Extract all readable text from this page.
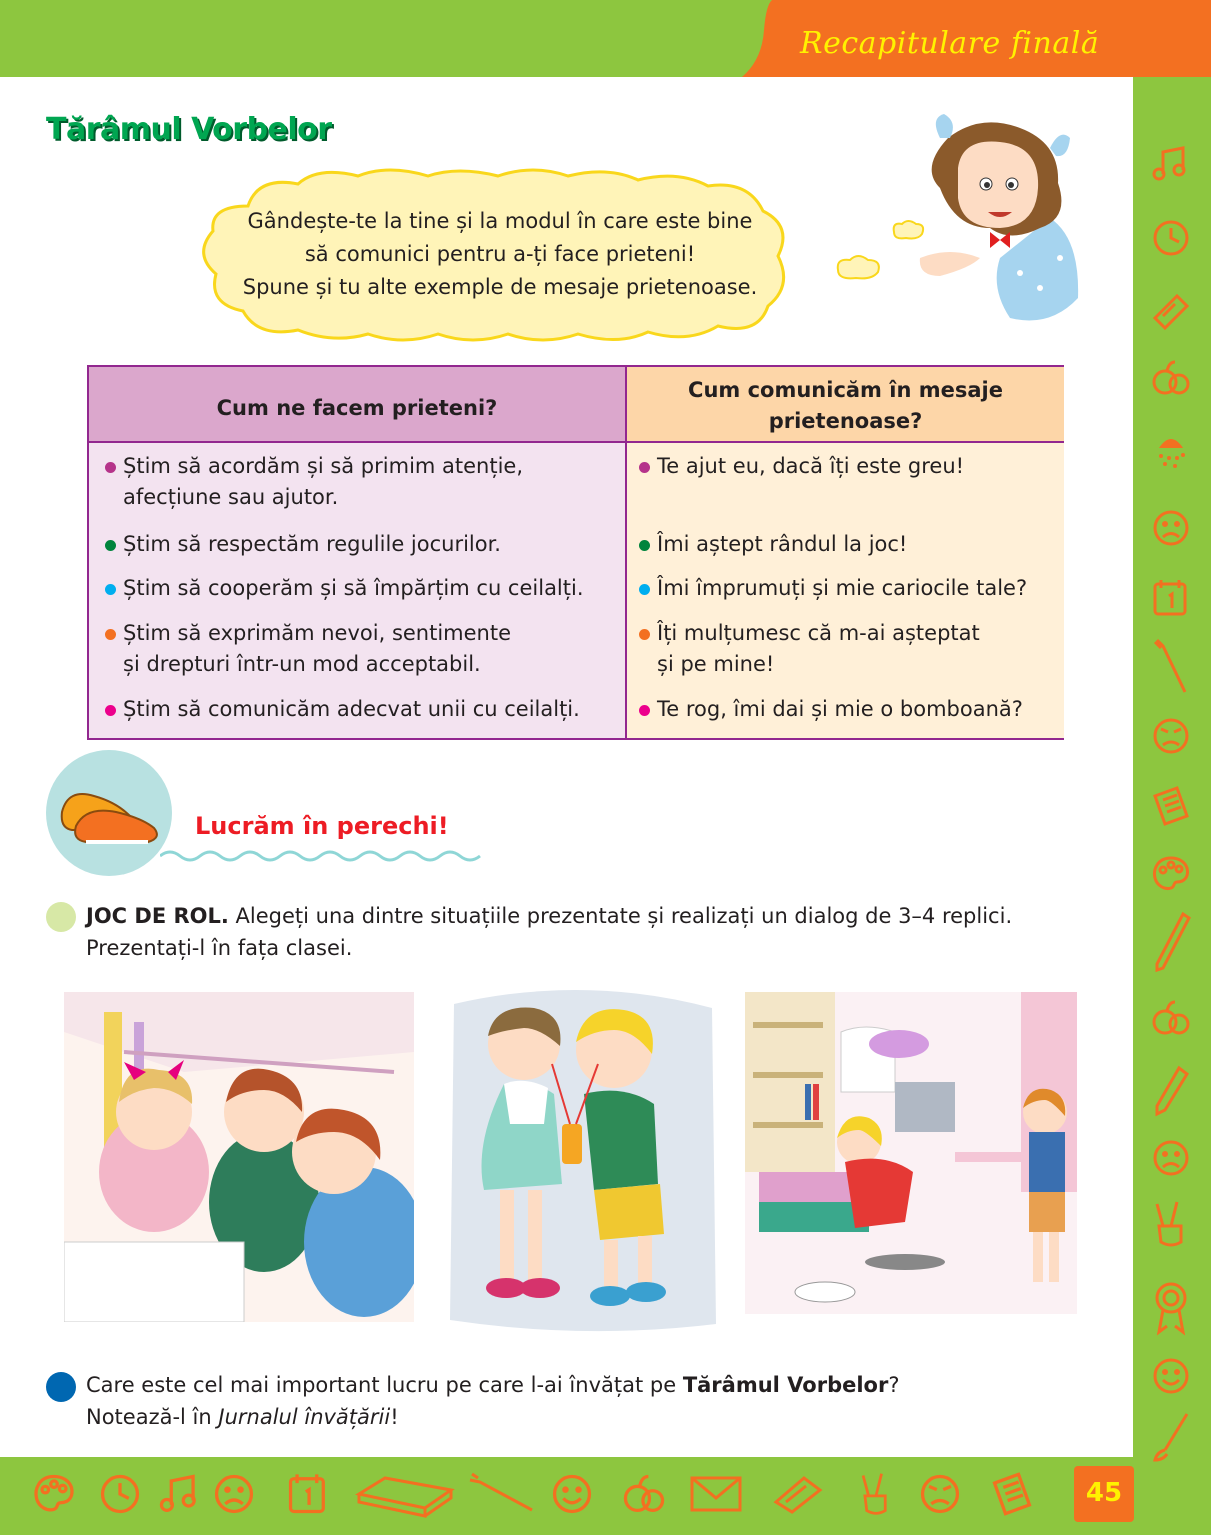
Recapitulare finală
45
Tărâmul Vorbelor
Gândește-te la tine și la modul în care este bine
să comunici pentru a-ți face prieteni!
Spune și tu alte exemple de mesaje prietenoase.
Cum ne facem prieteni?
Știm să acordăm și să primim atenție,
afecțiune sau ajutor.
Știm să respectăm regulile jocurilor.
Știm să cooperăm și să împărțim cu ceilalți.
Știm să exprimăm nevoi, sentimente
și drepturi într-un mod acceptabil.
Știm să comunicăm adecvat unii cu ceilalți.
Cum comunicăm în mesaje
prietenoase?
Te ajut eu, dacă îți este greu!
Îmi aștept rândul la joc!
Îmi împrumuți și mie cariocile tale?
Îți mulțumesc că m-ai așteptat
și pe mine!
Te rog, îmi dai și mie o bomboană?
Lucrăm în perechi!
JOC DE ROL. Alegeți una dintre situațiile prezentate și realizați un dialog de 3–4 replici.
Prezentați-l în fața clasei.
Care este cel mai important lucru pe care l-ai învățat pe Tărâmul Vorbelor?
Notează-l în Jurnalul învățării!
